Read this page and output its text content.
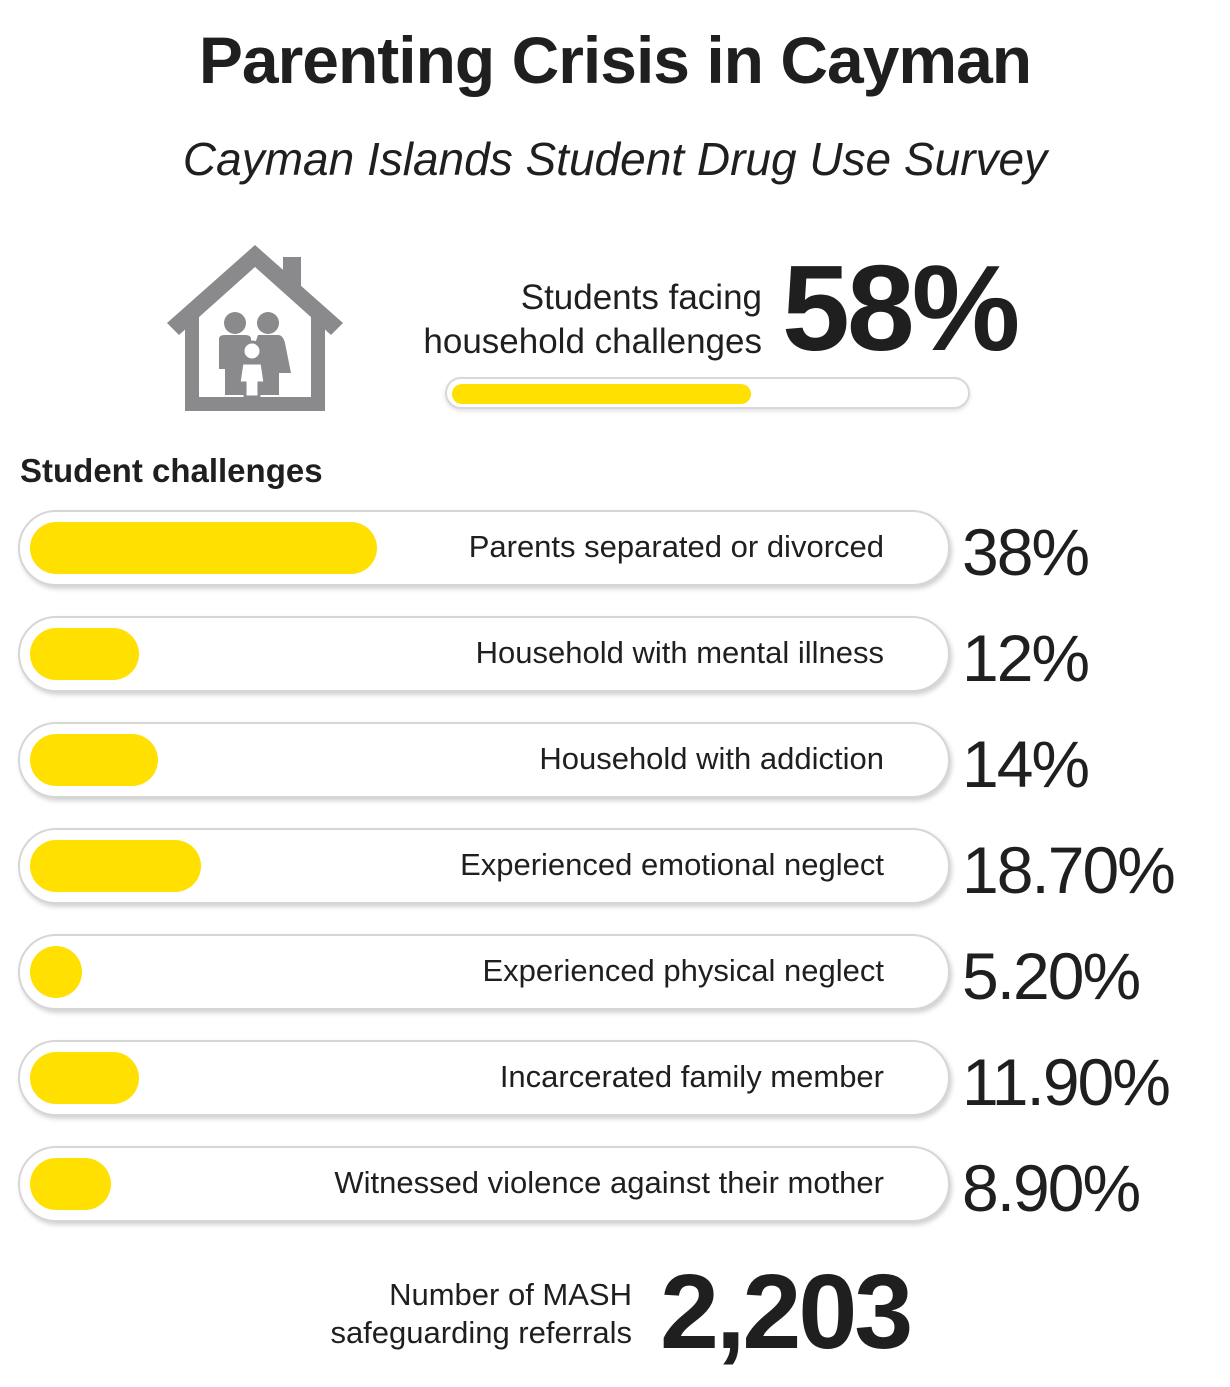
Parenting Crisis in Cayman
Cayman Islands Student Drug Use Survey
Students facing
household challenges 58%
Student challenges
Parents separated or divorced 38%
Household with mental illness 12%
Household with addiction 14%
Experienced emotional neglect 18.70%
Experienced physical neglect 5.20%
Incarcerated family member 11.90%
Witnessed violence against their mother 8.90%
Number of MASH
safeguarding referrals 2,203
